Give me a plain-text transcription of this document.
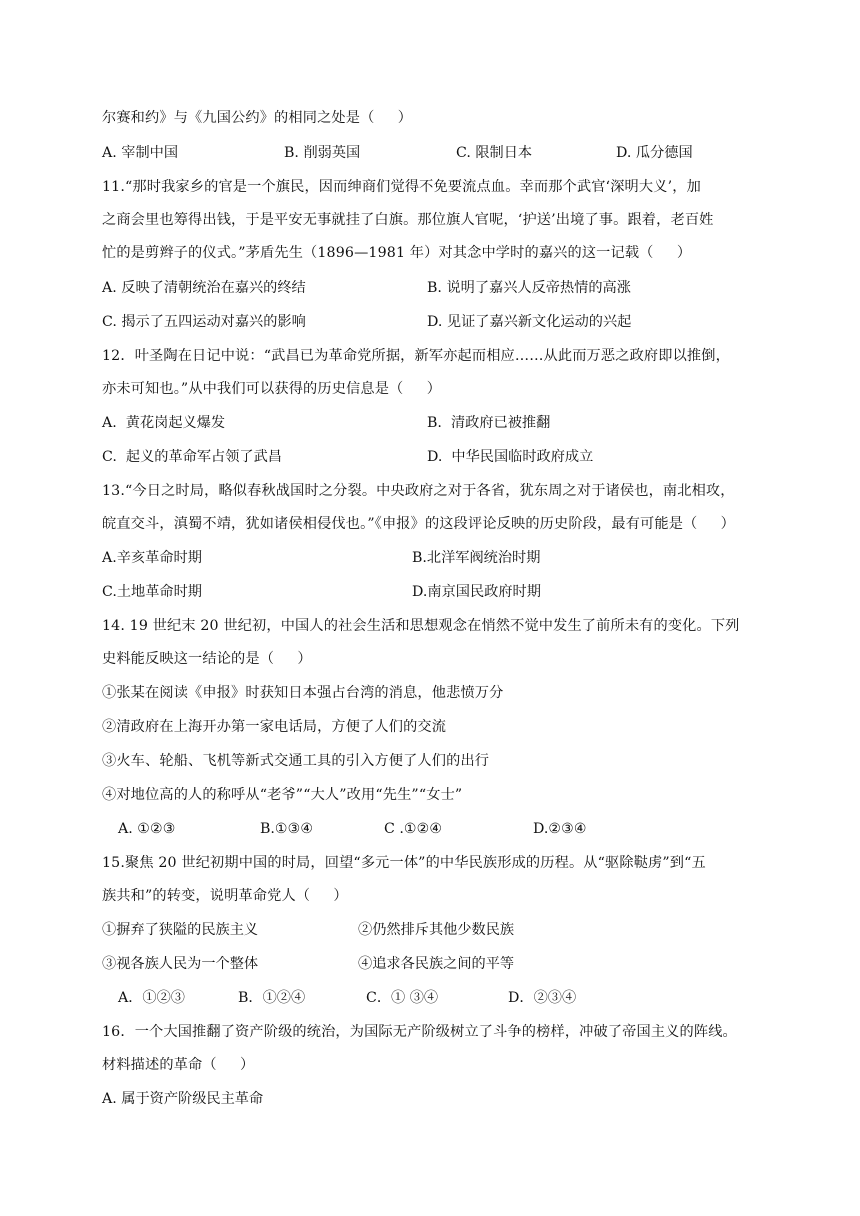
尔赛和约》与《九国公约》的相同之处是（     ）
A. 宰制中国	B. 削弱英国	C. 限制日本	D. 瓜分德国
11.“那时我家乡的官是一个旗民，因而绅商们觉得不免要流点血。幸而那个武官‘深明大义’，加
之商会里也筹得出钱，于是平安无事就挂了白旗。那位旗人官呢，‘护送’出境了事。跟着，老百姓
忙的是剪辫子的仪式。”茅盾先生（1896—1981 年）对其念中学时的嘉兴的这一记载（     ）
A. 反映了清朝统治在嘉兴的终结	B. 说明了嘉兴人反帝热情的高涨
C. 揭示了五四运动对嘉兴的影响	D. 见证了嘉兴新文化运动的兴起
12．叶圣陶在日记中说：“武昌已为革命党所据，新军亦起而相应……从此而万恶之政府即以推倒，
亦未可知也。”从中我们可以获得的历史信息是（     ）
A.  黄花岗起义爆发	B.  清政府已被推翻
C.  起义的革命军占领了武昌	D.  中华民国临时政府成立
13.“今日之时局，略似春秋战国时之分裂。中央政府之对于各省，犹东周之对于诸侯也，南北相攻，
皖直交斗，滇蜀不靖，犹如诸侯相侵伐也。”《申报》的这段评论反映的历史阶段，最有可能是（     ）
A.辛亥革命时期	B.北洋军阀统治时期
C.土地革命时期	D.南京国民政府时期
14. 19 世纪末 20 世纪初，中国人的社会生活和思想观念在悄然不觉中发生了前所未有的变化。下列
史料能反映这一结论的是（     ）
①张某在阅读《申报》时获知日本强占台湾的消息，他悲愤万分
②清政府在上海开办第一家电话局，方便了人们的交流
③火车、轮船、飞机等新式交通工具的引入方便了人们的出行
④对地位高的人的称呼从“老爷”“大人”改用“先生”“女士”
A. ①②③	B.①③④	C .①②④	D.②③④
15.聚焦 20 世纪初期中国的时局，回望“多元一体”的中华民族形成的历程。从“驱除鞑虏”到“五
族共和”的转变，说明革命党人（     ）
①摒弃了狭隘的民族主义	②仍然排斥其他少数民族
③视各族人民为一个整体	④追求各民族之间的平等
A．①②③	B．①②④	C．① ③④	D．②③④
16．一个大国推翻了资产阶级的统治，为国际无产阶级树立了斗争的榜样，冲破了帝国主义的阵线。
材料描述的革命（     ）
A. 属于资产阶级民主革命
